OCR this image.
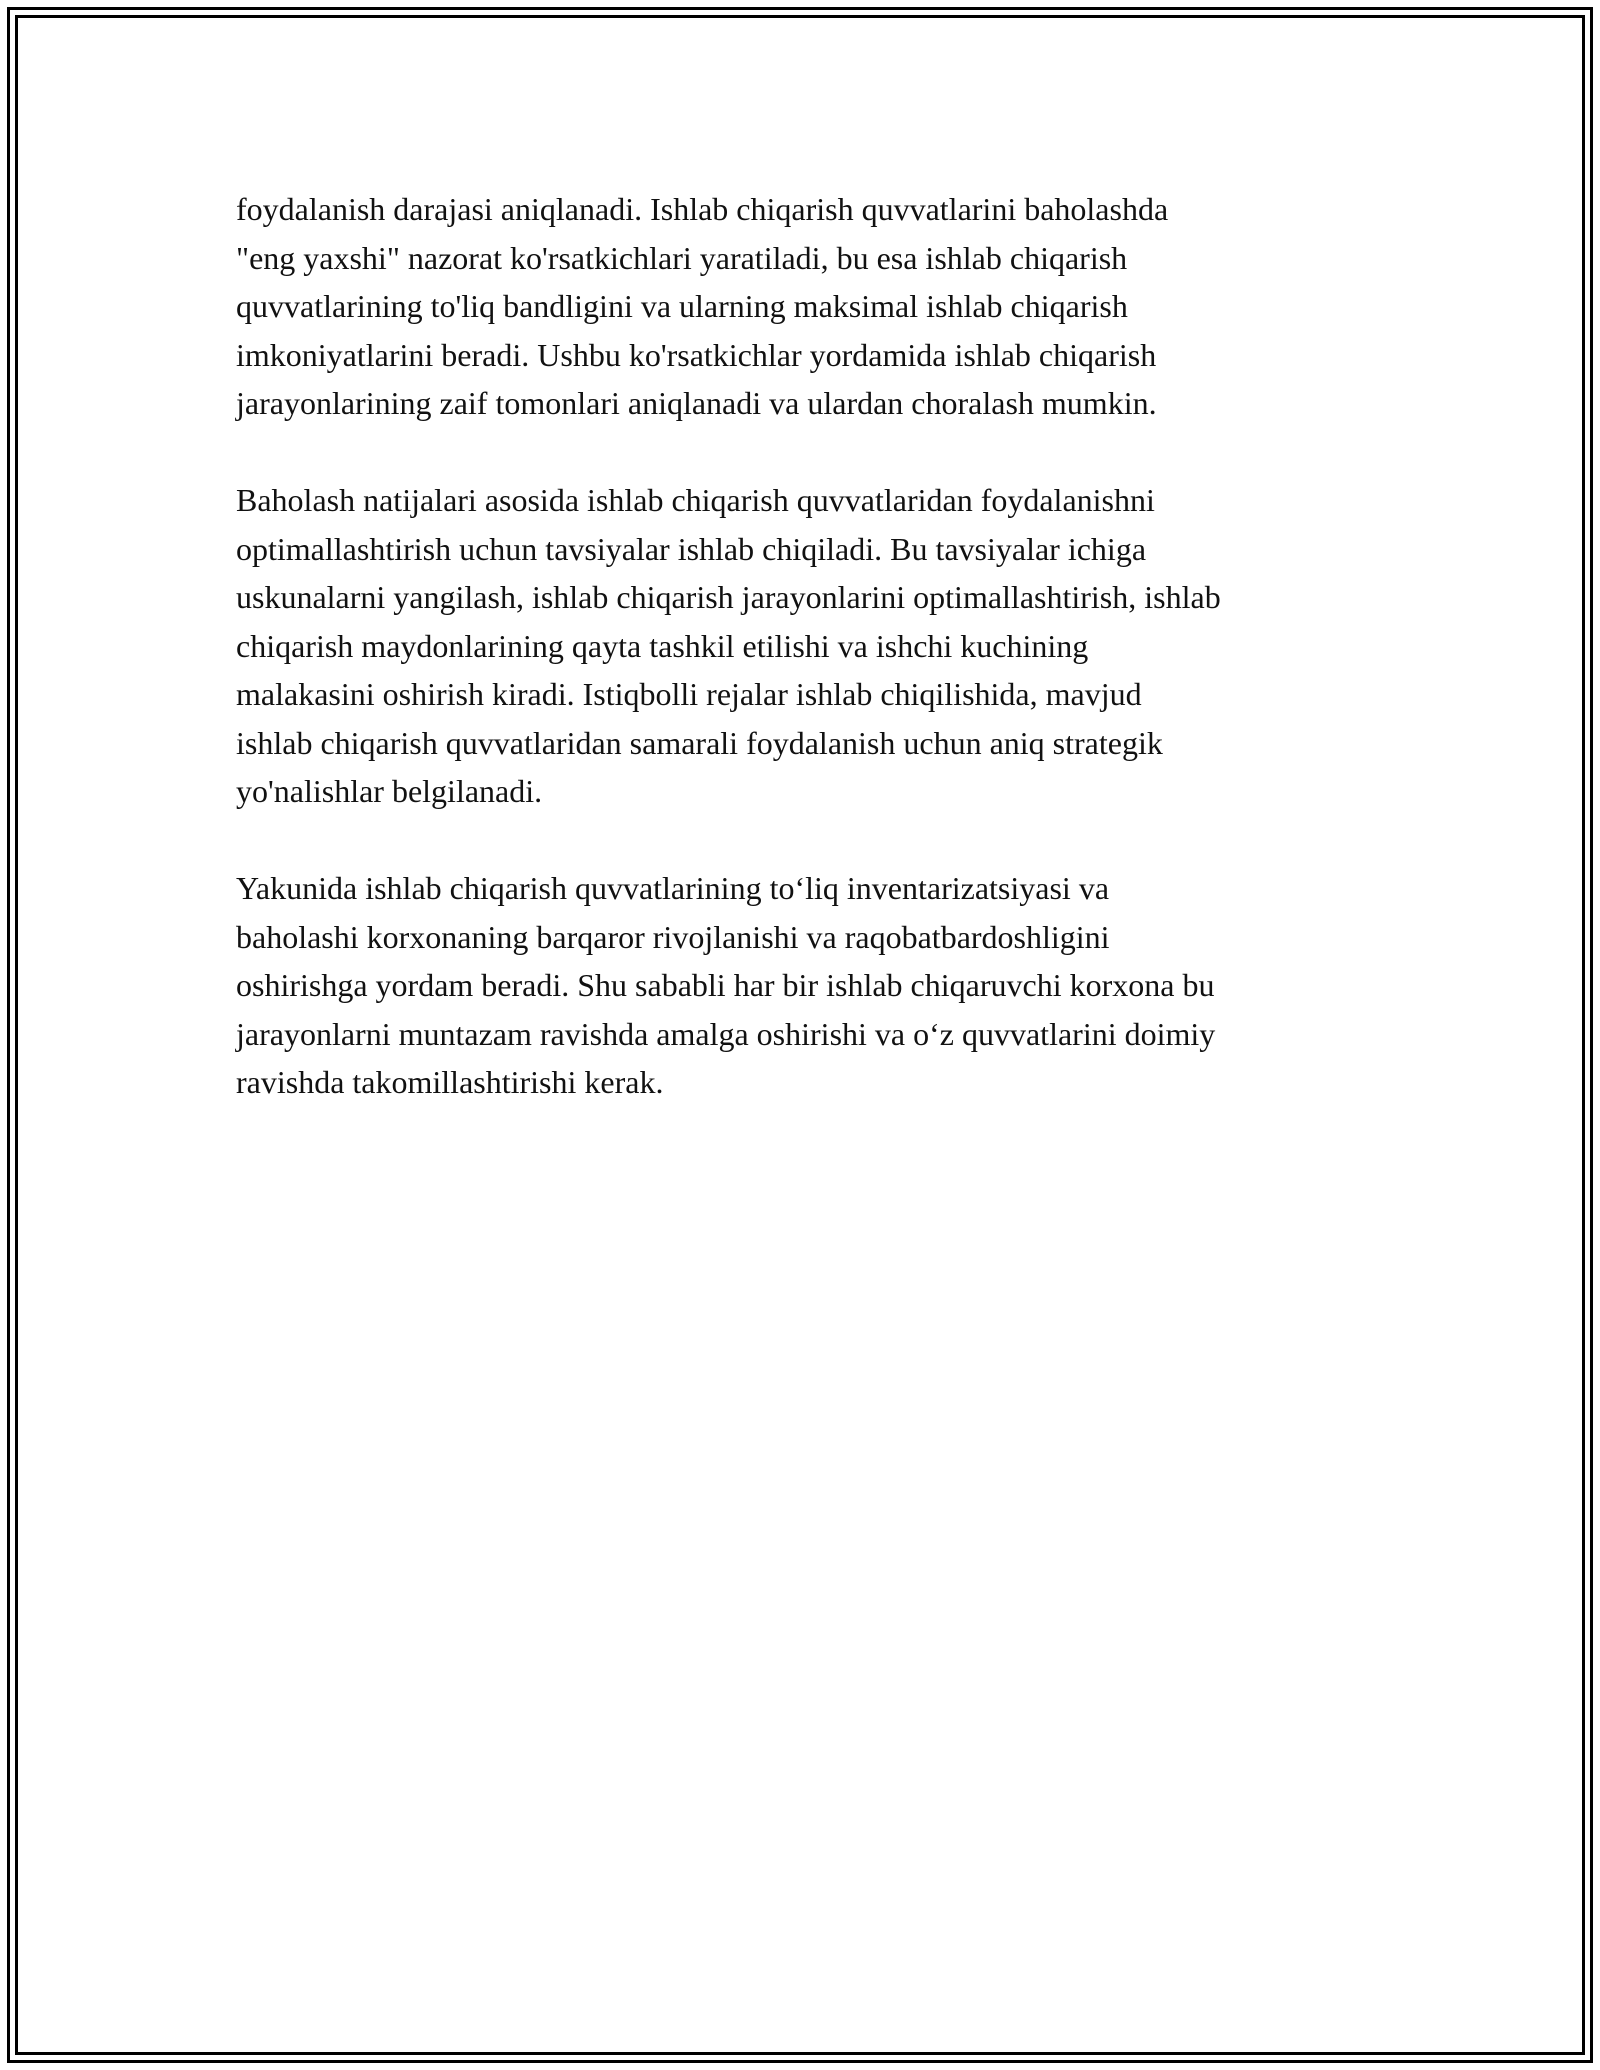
foydalanish darajasi aniqlanadi. Ishlab chiqarish quvvatlarini baholashda
"eng yaxshi" nazorat ko'rsatkichlari yaratiladi, bu esa ishlab chiqarish
quvvatlarining to'liq bandligini va ularning maksimal ishlab chiqarish
imkoniyatlarini beradi. Ushbu ko'rsatkichlar yordamida ishlab chiqarish
jarayonlarining zaif tomonlari aniqlanadi va ulardan choralash mumkin.

Baholash natijalari asosida ishlab chiqarish quvvatlaridan foydalanishni
optimallashtirish uchun tavsiyalar ishlab chiqiladi. Bu tavsiyalar ichiga
uskunalarni yangilash, ishlab chiqarish jarayonlarini optimallashtirish, ishlab
chiqarish maydonlarining qayta tashkil etilishi va ishchi kuchining
malakasini oshirish kiradi. Istiqbolli rejalar ishlab chiqilishida, mavjud
ishlab chiqarish quvvatlaridan samarali foydalanish uchun aniq strategik
yo'nalishlar belgilanadi.

Yakunida ishlab chiqarish quvvatlarining to‘liq inventarizatsiyasi va
baholashi korxonaning barqaror rivojlanishi va raqobatbardoshligini
oshirishga yordam beradi. Shu sababli har bir ishlab chiqaruvchi korxona bu
jarayonlarni muntazam ravishda amalga oshirishi va o‘z quvvatlarini doimiy
ravishda takomillashtirishi kerak.
